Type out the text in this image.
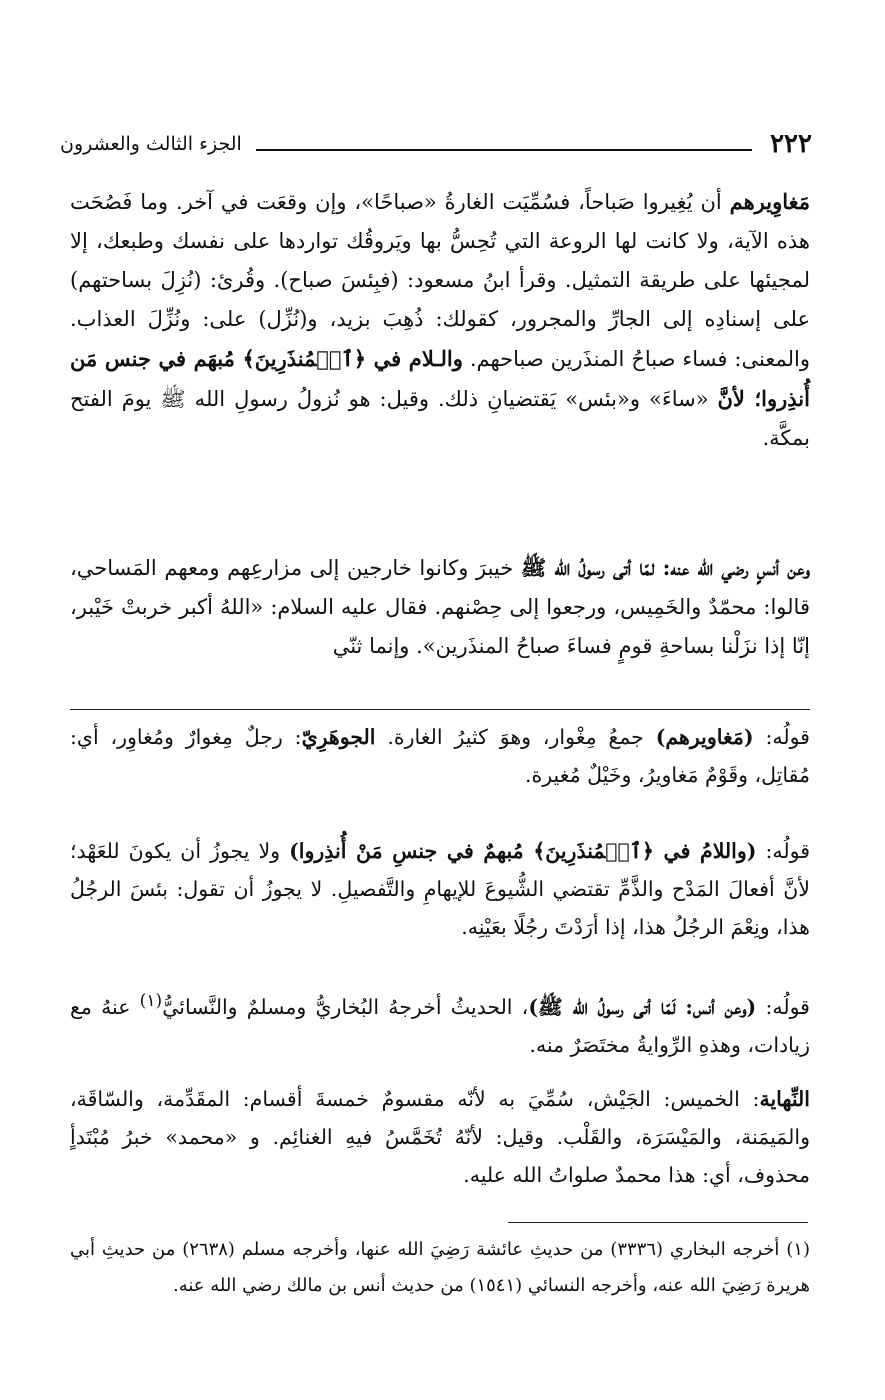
٢٢٢
الجزء الثالث والعشرون

مَغاوِيرهم أن يُغِيروا صَباحاً، فسُمِّيَت الغارةُ «صباحًا»، وإن وقعَت في آخر. وما فَصُحَت هذه الآية، ولا كانت لها الروعة التي تُحِسُّ بها ويَروقُك تواردها على نفسك وطبعك، إلا لمجيئها على طريقة التمثيل. وقرأ ابنُ مسعود: (فبِئسَ صباح). وقُرئ: (نُزِلَ بساحتهم) على إسنادِه إلى الجارِّ والمجرور، كقولك: ذُهِبَ بزيد، و(نُزِّل) على: ونُزِّلَ العذاب. والمعنى: فساء صباحُ المنذَرين صباحهم. والـلام في ﴿ٱلۡمُنذَرِينَ﴾ مُبهَم في جنس مَن أُنذِروا؛ لأنَّ «ساءَ» و«بئس» يَقتضيانِ ذلك. وقيل: هو نُزولُ رسولِ الله ﷺ يومَ الفتح بمكَّة.

وعن أنسٍ رضي الله عنه: لمّا أتى رسولُ الله ﷺ خيبرَ وكانوا خارجين إلى مزارعِهم ومعهم المَساحي، قالوا: محمّدٌ والخَمِيس، ورجعوا إلى حِصْنهم. فقال عليه السلام: «اللهُ أكبر خربتْ خَيْبر، إنّا إذا نزَلْنا بساحةِ قومٍ فساءَ صباحُ المنذَرين». وإنما ثنّي

قولُه: (مَغاويرهم) جمعُ مِغْوار، وهوَ كثيرُ الغارة. الجوهَرِيّ: رجلٌ مِغوارٌ ومُغاوِر، أي: مُقاتِل، وقَوْمٌ مَغاويرُ، وخَيْلٌ مُغيرة.

قولُه: (واللامُ في ﴿ٱلۡمُنذَرِينَ﴾ مُبهمٌ في جنسِ مَنْ أُنذِروا) ولا يجوزُ أن يكونَ للعَهْد؛ لأنَّ أفعالَ المَدْح والذَّمِّ تقتضي الشُّيوعَ للإيهامِ والتَّفصيلِ. لا يجوزُ أن تقول: بئسَ الرجُلُ هذا، ونِعْمَ الرجُلُ هذا، إذا أرَدْتَ رجُلًا بعَيْنِه.

قولُه: (وعن أنس: لَمّا أتى رسولُ الله ﷺ)، الحديثُ أخرجهُ البُخاريُّ ومسلمٌ والنَّسائيُّ$^{(١)}$ عنهُ مع زيادات، وهذهِ الرِّوايةُ مختَصَرٌ منه.

النِّهاية: الخميس: الجَيْش، سُمِّيَ به لأنّه مقسومٌ خمسةَ أقسام: المقَدِّمة، والسّاقَة، والمَيمَنة، والمَيْسَرَة، والقَلْب. وقيل: لأنّهُ تُخَمَّسُ فيهِ الغنائِم. و «محمد» خبرُ مُبْتَدأٍ محذوف، أي: هذا محمدٌ صلواتُ الله عليه.

(١) أخرجه البخاري (٣٣٣٦) من حديثِ عائشة رَضِيَ الله عنها، وأخرجه مسلم (٢٦٣٨) من حديثِ أبي هريرة رَضِيَ الله عنه، وأخرجه النسائي (١٥٤١) من حديث أنس بن مالك رضي الله عنه.
